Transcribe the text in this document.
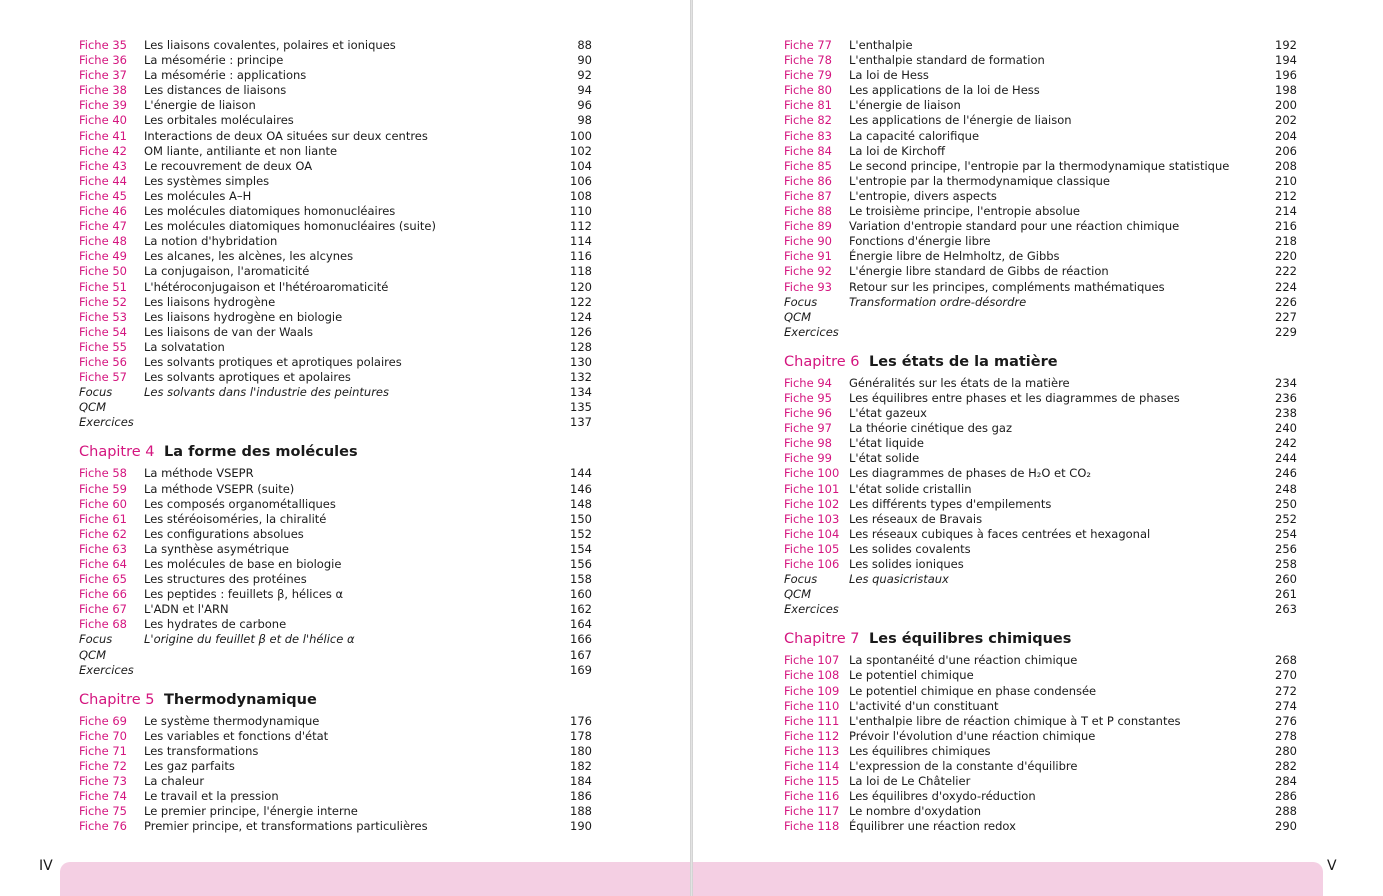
Fiche 35 Les liaisons covalentes, polaires et ioniques	88
Fiche 36 La mésomérie : principe	90
Fiche 37 La mésomérie : applications	92
Fiche 38 Les distances de liaisons	94
Fiche 39 L'énergie de liaison	96
Fiche 40 Les orbitales moléculaires	98
Fiche 41 Interactions de deux OA situées sur deux centres	100
Fiche 42 OM liante, antiliante et non liante	102
Fiche 43 Le recouvrement de deux OA	104
Fiche 44 Les systèmes simples	106
Fiche 45 Les molécules A–H	108
Fiche 46 Les molécules diatomiques homonucléaires	110
Fiche 47 Les molécules diatomiques homonucléaires (suite)	112
Fiche 48 La notion d'hybridation	114
Fiche 49 Les alcanes, les alcènes, les alcynes	116
Fiche 50 La conjugaison, l'aromaticité	118
Fiche 51 L'hétéroconjugaison et l'hétéroaromaticité	120
Fiche 52 Les liaisons hydrogène	122
Fiche 53 Les liaisons hydrogène en biologie	124
Fiche 54 Les liaisons de van der Waals	126
Fiche 55 La solvatation	128
Fiche 56 Les solvants protiques et aprotiques polaires	130
Fiche 57 Les solvants aprotiques et apolaires	132
Focus	Les solvants dans l'industrie des peintures	134
QCM	135
Exercices	137
Chapitre 4 La forme des molécules
Fiche 58 La méthode VSEPR	144
Fiche 59 La méthode VSEPR (suite)	146
Fiche 60 Les composés organométalliques	148
Fiche 61 Les stéréoisoméries, la chiralité	150
Fiche 62 Les configurations absolues	152
Fiche 63 La synthèse asymétrique	154
Fiche 64 Les molécules de base en biologie	156
Fiche 65 Les structures des protéines	158
Fiche 66 Les peptides : feuillets β, hélices α	160
Fiche 67 L'ADN et l'ARN	162
Fiche 68 Les hydrates de carbone	164
Focus	L'origine du feuillet β et de l'hélice α	166
QCM	167
Exercices	169
Chapitre 5 Thermodynamique
Fiche 69 Le système thermodynamique	176
Fiche 70 Les variables et fonctions d'état	178
Fiche 71 Les transformations	180
Fiche 72 Les gaz parfaits	182
Fiche 73 La chaleur	184
Fiche 74 Le travail et la pression	186
Fiche 75 Le premier principe, l'énergie interne	188
Fiche 76 Premier principe, et transformations particulières	190
IV
Fiche 77 L'enthalpie	192
Fiche 78 L'enthalpie standard de formation	194
Fiche 79 La loi de Hess	196
Fiche 80 Les applications de la loi de Hess	198
Fiche 81 L'énergie de liaison	200
Fiche 82 Les applications de l'énergie de liaison	202
Fiche 83 La capacité calorifique	204
Fiche 84 La loi de Kirchoff	206
Fiche 85 Le second principe, l'entropie par la thermodynamique statistique	208
Fiche 86 L'entropie par la thermodynamique classique	210
Fiche 87 L'entropie, divers aspects	212
Fiche 88 Le troisième principe, l'entropie absolue	214
Fiche 89 Variation d'entropie standard pour une réaction chimique	216
Fiche 90 Fonctions d'énergie libre	218
Fiche 91 Énergie libre de Helmholtz, de Gibbs	220
Fiche 92 L'énergie libre standard de Gibbs de réaction	222
Fiche 93 Retour sur les principes, compléments mathématiques	224
Focus	Transformation ordre-désordre	226
QCM	227
Exercices	229
Chapitre 6 Les états de la matière
Fiche 94 Généralités sur les états de la matière	234
Fiche 95 Les équilibres entre phases et les diagrammes de phases	236
Fiche 96 L'état gazeux	238
Fiche 97 La théorie cinétique des gaz	240
Fiche 98 L'état liquide	242
Fiche 99 L'état solide	244
Fiche 100 Les diagrammes de phases de H₂O et CO₂	246
Fiche 101 L'état solide cristallin	248
Fiche 102 Les différents types d'empilements	250
Fiche 103 Les réseaux de Bravais	252
Fiche 104 Les réseaux cubiques à faces centrées et hexagonal	254
Fiche 105 Les solides covalents	256
Fiche 106 Les solides ioniques	258
Focus	Les quasicristaux	260
QCM	261
Exercices	263
Chapitre 7 Les équilibres chimiques
Fiche 107 La spontanéité d'une réaction chimique	268
Fiche 108 Le potentiel chimique	270
Fiche 109 Le potentiel chimique en phase condensée	272
Fiche 110 L'activité d'un constituant	274
Fiche 111 L'enthalpie libre de réaction chimique à T et P constantes	276
Fiche 112 Prévoir l'évolution d'une réaction chimique	278
Fiche 113 Les équilibres chimiques	280
Fiche 114 L'expression de la constante d'équilibre	282
Fiche 115 La loi de Le Châtelier	284
Fiche 116 Les équilibres d'oxydo-réduction	286
Fiche 117 Le nombre d'oxydation	288
Fiche 118 Équilibrer une réaction redox	290
V
